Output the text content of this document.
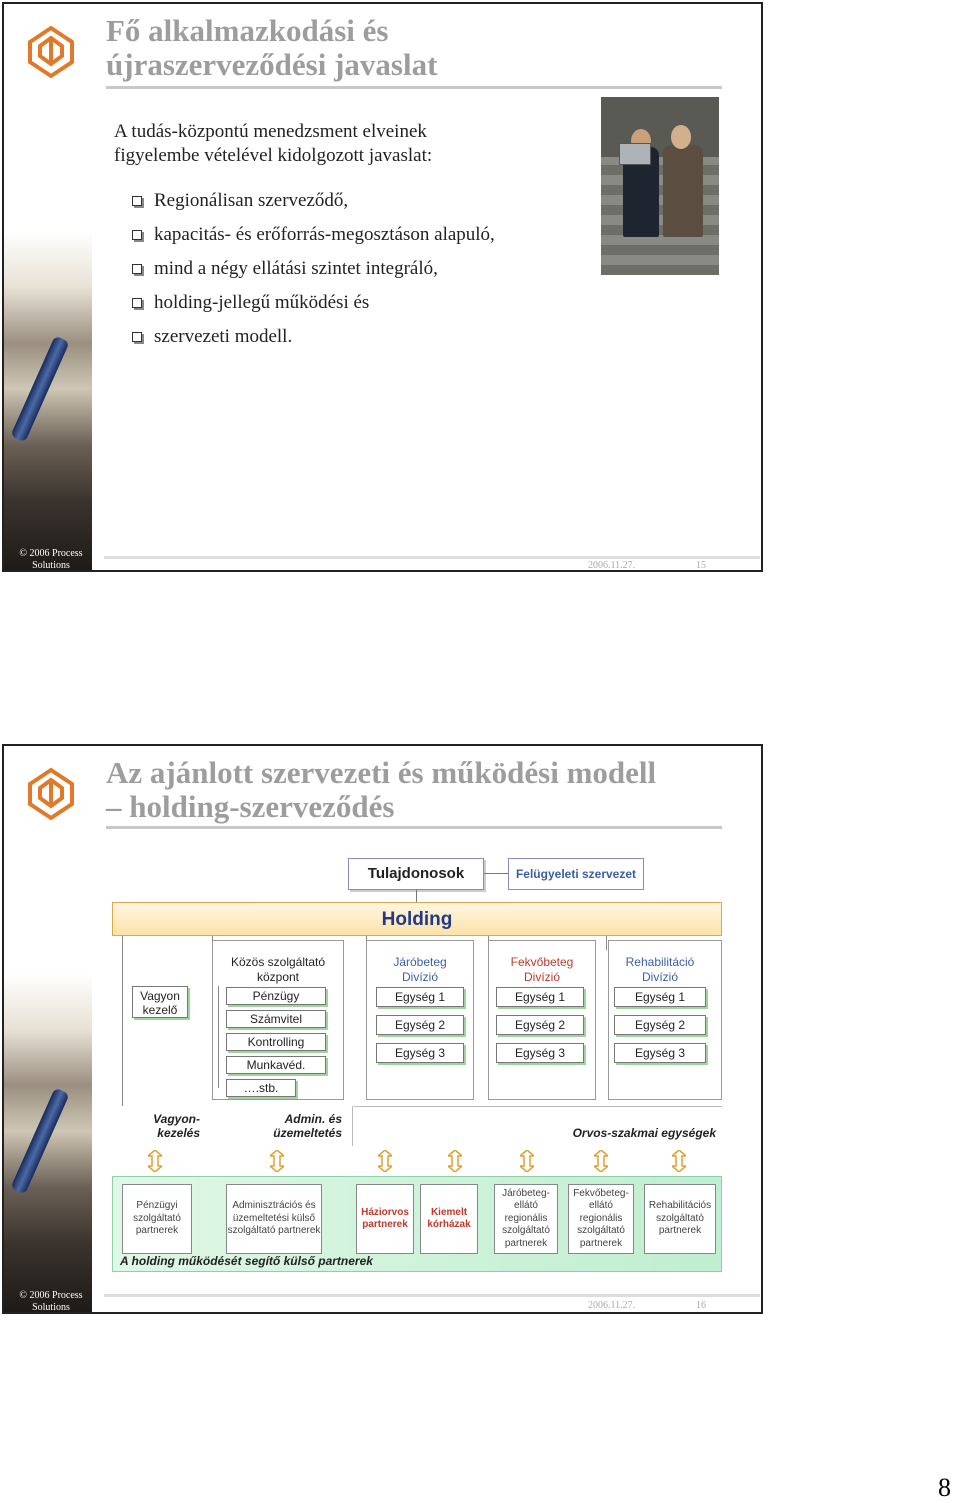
Fő alkalmazkodási és
újraszerveződési javaslat
A tudás-központú menedzsment elveinek
figyelembe vételével kidolgozott javaslat:
Regionálisan szerveződő,
kapacitás- és erőforrás-megosztáson alapuló,
mind a négy ellátási szintet integráló,
holding-jellegű működési és
szervezeti modell.
© 2006 Process
Solutions	2006.11.27.	15
Az ajánlott szervezeti és működési modell
– holding-szerveződés
Tulajdonosok	Felügyeleti szervezet
Holding
Vagyon kezelő
Közös szolgáltató
központ
Pénzügy
Számvitel
Kontrolling
Munkavéd.
….stb.
Járóbeteg
Divízió
Egység 1
Egység 2
Egység 3
Fekvőbeteg
Divízió
Egység 1
Egység 2
Egység 3
Rehabilitáció
Divízió
Egység 1
Egység 2
Egység 3
Vagyon-
kezelés
Admin. és
üzemeltetés	Orvos-szakmai egységek
Pénzügyi szolgáltató partnerek
Adminisztrációs és üzemeltetési külső szolgáltató partnerek
Háziorvos partnerek
Kiemelt kórházak
Járóbeteg-ellátó regionális szolgáltató partnerek
Fekvőbeteg-ellátó regionális szolgáltató partnerek
Rehabilitációs szolgáltató partnerek
A holding működését segítő külső partnerek
© 2006 Process
Solutions	2006.11.27.	16
8
